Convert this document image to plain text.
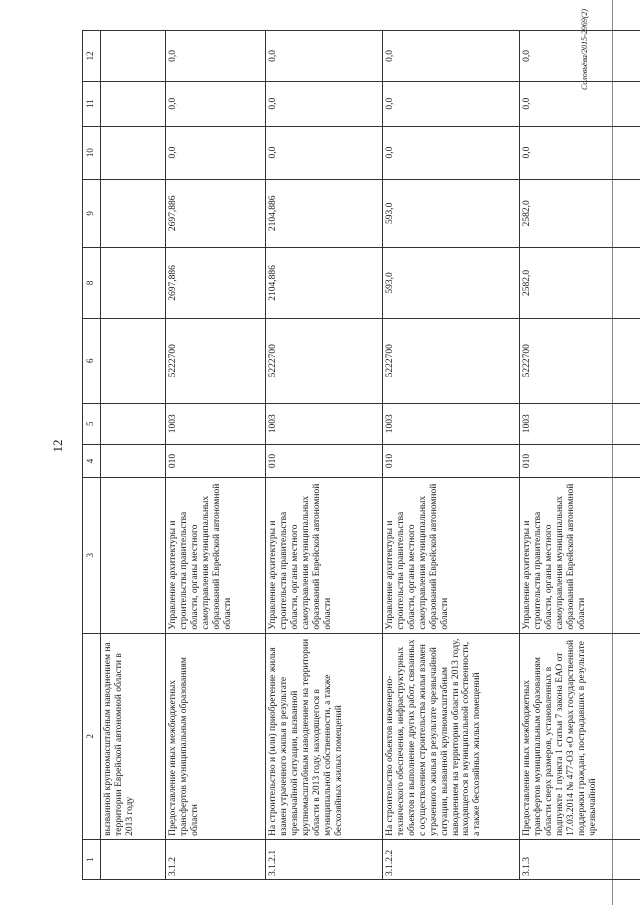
12
Соловьёва/2015-2969(2)
1	2	3	4	5	6	8	9	10	11	12
	вызванной крупномасштабным наводнением на территории Еврейской автономной области в 2013 году									
3.1.2	Предоставление иных межбюджетных трансфертов муниципальным образованиям области	Управление архитектуры и строительства правительства области, органы местного самоуправления муниципальных образований Еврейской автономной области	010	1003	5222700	2697,886	2697,886	0,0	0,0	0,0
3.1.2.1	На строительство и (или) приобретение жилья взамен утраченного жилья в результате чрезвычайной ситуации, вызванной крупномасштабным наводнением на территории области в 2013 году, находящегося в муниципальной собственности, а также бесхозяйных жилых помещений	Управление архитектуры и строительства правительства области, органы местного самоуправления муниципальных образований Еврейской автономной области	010	1003	5222700	2104,886	2104,886	0,0	0,0	0,0
3.1.2.2	На строительство объектов инженерно-технического обеспечения, инфраструктурных объектов и выполнение других работ, связанных с осуществлением строительства жилья взамен утраченного жилья в результате чрезвычайной ситуации, вызванной крупномасштабным наводнением на территории области в 2013 году, находящегося в муниципальной собственности, а также бесхозяйных жилых помещений	Управление архитектуры и строительства правительства области, органы местного самоуправления муниципальных образований Еврейской автономной области	010	1003	5222700	593,0	593,0	0,0	0,0	0,0
3.1.3	Предоставление иных межбюджетных трансфертов муниципальным образованиям области сверх размеров, установленных в подпункте 1 пункта 1 статьи 7 закона ЕАО от 17.03.2014 № 477-ОЗ «О мерах государственной поддержки граждан, пострадавших в результате чрезвычайной	Управление архитектуры и строительства правительства области, органы местного самоуправления муниципальных образований Еврейской автономной области	010	1003	5222700	2582,0	2582,0	0,0	0,0	0,0
